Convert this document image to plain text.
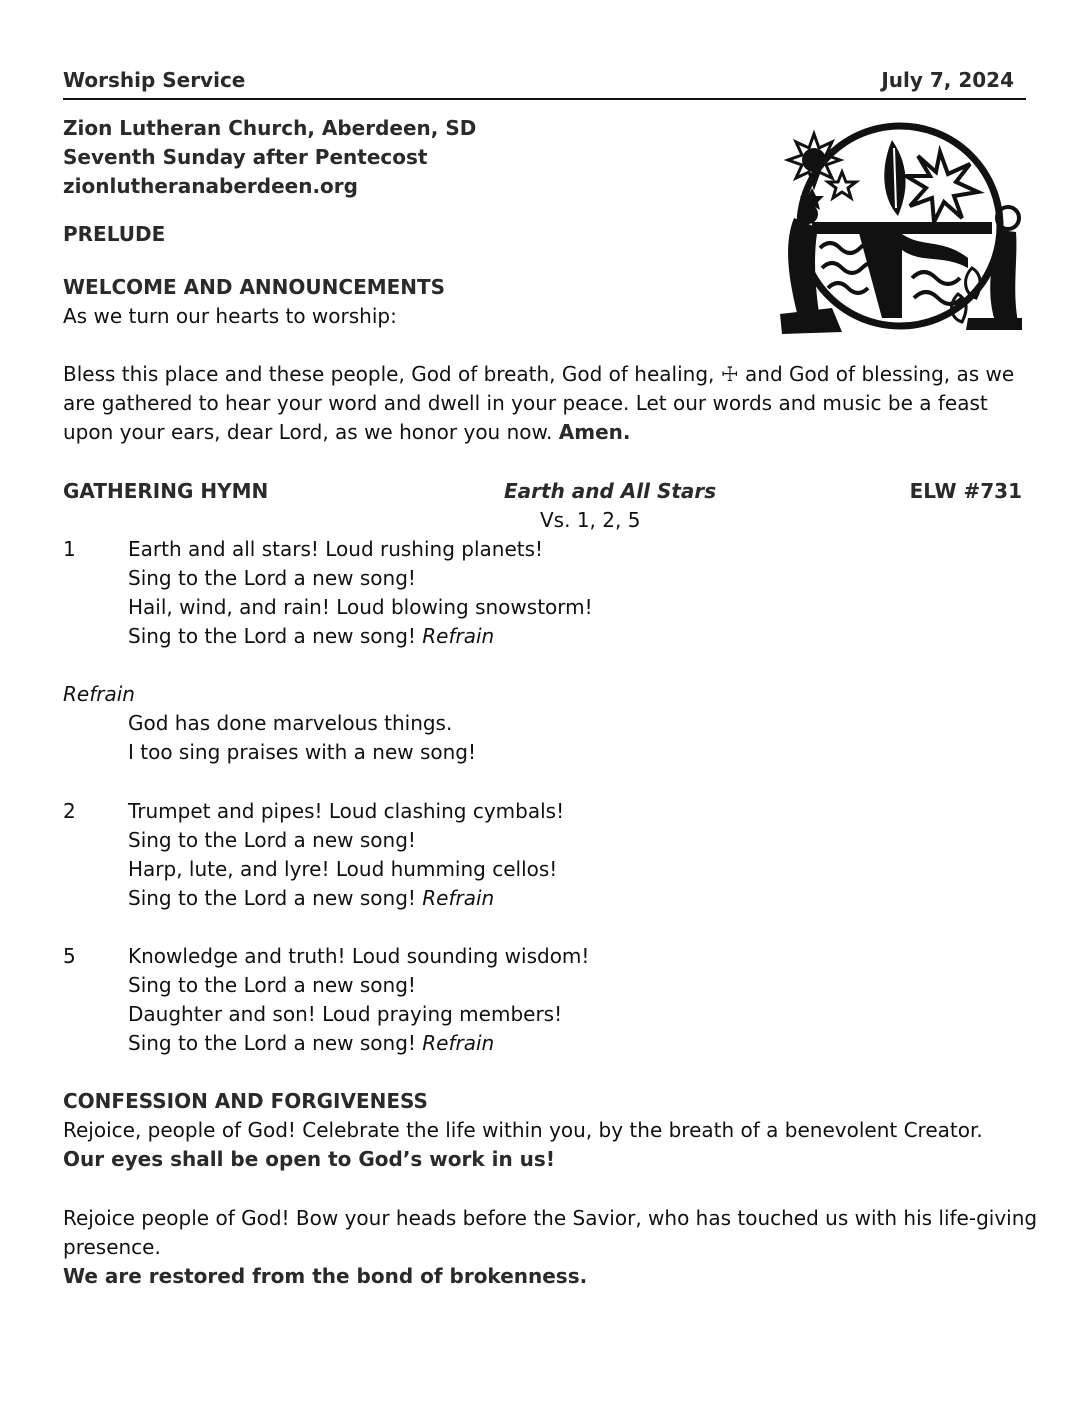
Worship Service	July 7, 2024
Zion Lutheran Church, Aberdeen, SD
Seventh Sunday after Pentecost
zionlutheranaberdeen.org
PRELUDE
WELCOME AND ANNOUNCEMENTS
As we turn our hearts to worship:
Bless this place and these people, God of breath, God of healing, ☩ and God of blessing, as we
are gathered to hear your word and dwell in your peace. Let our words and music be a feast
upon your ears, dear Lord, as we honor you now. Amen.
GATHERING HYMN	Earth and All Stars	ELW #731
Vs. 1, 2, 5
1	Earth and all stars! Loud rushing planets!
Sing to the Lord a new song!
Hail, wind, and rain! Loud blowing snowstorm!
Sing to the Lord a new song! Refrain
Refrain
God has done marvelous things.
I too sing praises with a new song!
2	Trumpet and pipes! Loud clashing cymbals!
Sing to the Lord a new song!
Harp, lute, and lyre! Loud humming cellos!
Sing to the Lord a new song! Refrain
5	Knowledge and truth! Loud sounding wisdom!
Sing to the Lord a new song!
Daughter and son! Loud praying members!
Sing to the Lord a new song! Refrain
CONFESSION AND FORGIVENESS
Rejoice, people of God! Celebrate the life within you, by the breath of a benevolent Creator.
Our eyes shall be open to God’s work in us!
Rejoice people of God! Bow your heads before the Savior, who has touched us with his life-giving
presence.
We are restored from the bond of brokenness.
